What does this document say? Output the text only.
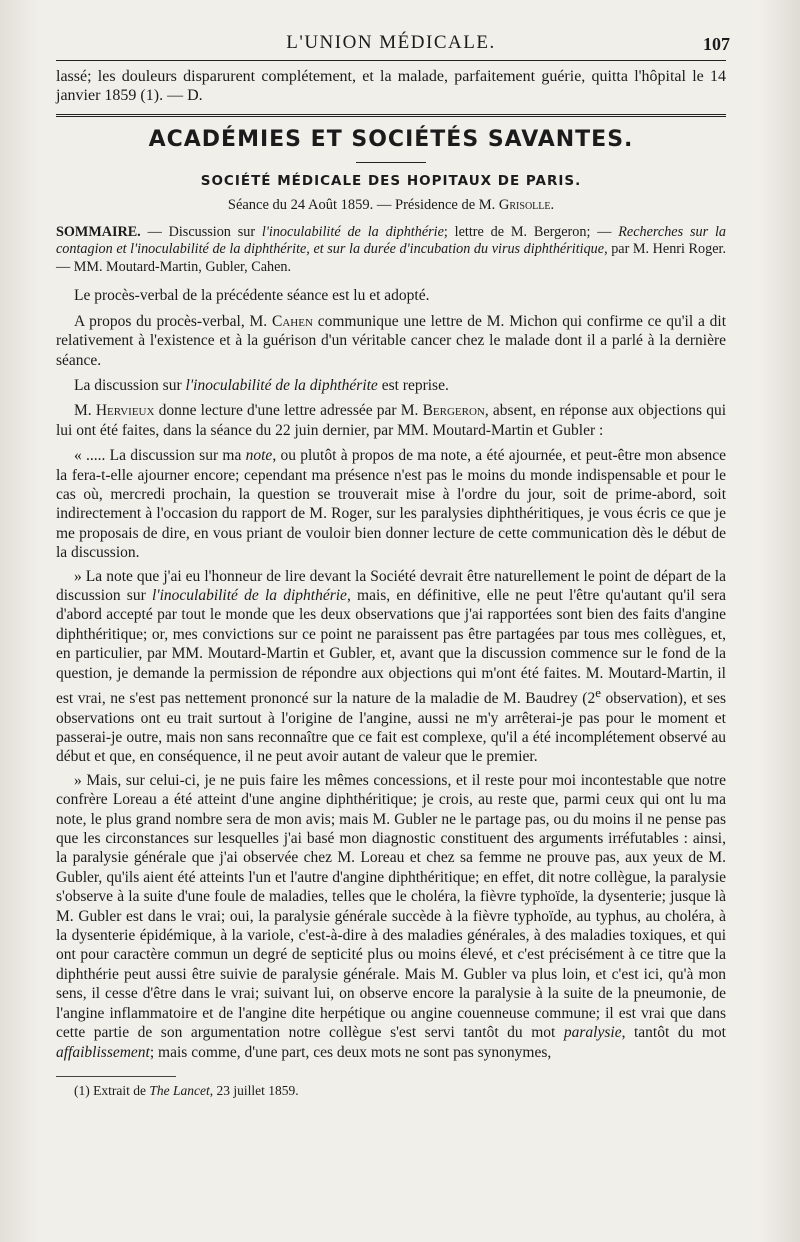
L'UNION MÉDICALE.	107

lassé; les douleurs disparurent complétement, et la malade, parfaitement guérie, quitta l'hôpital le 14 janvier 1859 (1). — D.

ACADÉMIES ET SOCIÉTÉS SAVANTES.
SOCIÉTÉ MÉDICALE DES HOPITAUX DE PARIS.
Séance du 24 Août 1859. — Présidence de M. Grisolle.

SOMMAIRE. — Discussion sur l'inoculabilité de la diphthérie; lettre de M. Bergeron; — Recherches sur la contagion et l'inoculabilité de la diphthérite, et sur la durée d'incubation du virus diphthéritique, par M. Henri Roger. — MM. Moutard-Martin, Gubler, Cahen.

Le procès-verbal de la précédente séance est lu et adopté.

A propos du procès-verbal, M. Cahen communique une lettre de M. Michon qui confirme ce qu'il a dit relativement à l'existence et à la guérison d'un véritable cancer chez le malade dont il a parlé à la dernière séance.

La discussion sur l'inoculabilité de la diphthérite est reprise.

M. Hervieux donne lecture d'une lettre adressée par M. Bergeron, absent, en réponse aux objections qui lui ont été faites, dans la séance du 22 juin dernier, par MM. Moutard-Martin et Gubler :

« ..... La discussion sur ma note, ou plutôt à propos de ma note, a été ajournée, et peut-être mon absence la fera-t-elle ajourner encore; cependant ma présence n'est pas le moins du monde indispensable et pour le cas où, mercredi prochain, la question se trouverait mise à l'ordre du jour, soit de prime-abord, soit indirectement à l'occasion du rapport de M. Roger, sur les paralysies diphthéritiques, je vous écris ce que je me proposais de dire, en vous priant de vouloir bien donner lecture de cette communication dès le début de la discussion.

» La note que j'ai eu l'honneur de lire devant la Société devrait être naturellement le point de départ de la discussion sur l'inoculabilité de la diphthérie, mais, en définitive, elle ne peut l'être qu'autant qu'il sera d'abord accepté par tout le monde que les deux observations que j'ai rapportées sont bien des faits d'angine diphthéritique; or, mes convictions sur ce point ne paraissent pas être partagées par tous mes collègues, et, en particulier, par MM. Moutard-Martin et Gubler, et, avant que la discussion commence sur le fond de la question, je demande la permission de répondre aux objections qui m'ont été faites. M. Moutard-Martin, il est vrai, ne s'est pas nettement prononcé sur la nature de la maladie de M. Baudrey (2e observation), et ses observations ont eu trait surtout à l'origine de l'angine, aussi ne m'y arrêterai-je pas pour le moment et passerai-je outre, mais non sans reconnaître que ce fait est complexe, qu'il a été incomplétement observé au début et que, en conséquence, il ne peut avoir autant de valeur que le premier.

» Mais, sur celui-ci, je ne puis faire les mêmes concessions, et il reste pour moi incontestable que notre confrère Loreau a été atteint d'une angine diphthéritique; je crois, au reste que, parmi ceux qui ont lu ma note, le plus grand nombre sera de mon avis; mais M. Gubler ne le partage pas, ou du moins il ne pense pas que les circonstances sur lesquelles j'ai basé mon diagnostic constituent des arguments irréfutables : ainsi, la paralysie générale que j'ai observée chez M. Loreau et chez sa femme ne prouve pas, aux yeux de M. Gubler, qu'ils aient été atteints l'un et l'autre d'angine diphthéritique; en effet, dit notre collègue, la paralysie s'observe à la suite d'une foule de maladies, telles que le choléra, la fièvre typhoïde, la dysenterie; jusque là M. Gubler est dans le vrai; oui, la paralysie générale succède à la fièvre typhoïde, au typhus, au choléra, à la dysenterie épidémique, à la variole, c'est-à-dire à des maladies générales, à des maladies toxiques, et qui ont pour caractère commun un degré de septicité plus ou moins élevé, et c'est précisément à ce titre que la diphthérie peut aussi être suivie de paralysie générale. Mais M. Gubler va plus loin, et c'est ici, qu'à mon sens, il cesse d'être dans le vrai; suivant lui, on observe encore la paralysie à la suite de la pneumonie, de l'angine inflammatoire et de l'angine dite herpétique ou angine couenneuse commune; il est vrai que dans cette partie de son argumentation notre collègue s'est servi tantôt du mot paralysie, tantôt du mot affaiblissement; mais comme, d'une part, ces deux mots ne sont pas synonymes,

(1) Extrait de The Lancet, 23 juillet 1859.
